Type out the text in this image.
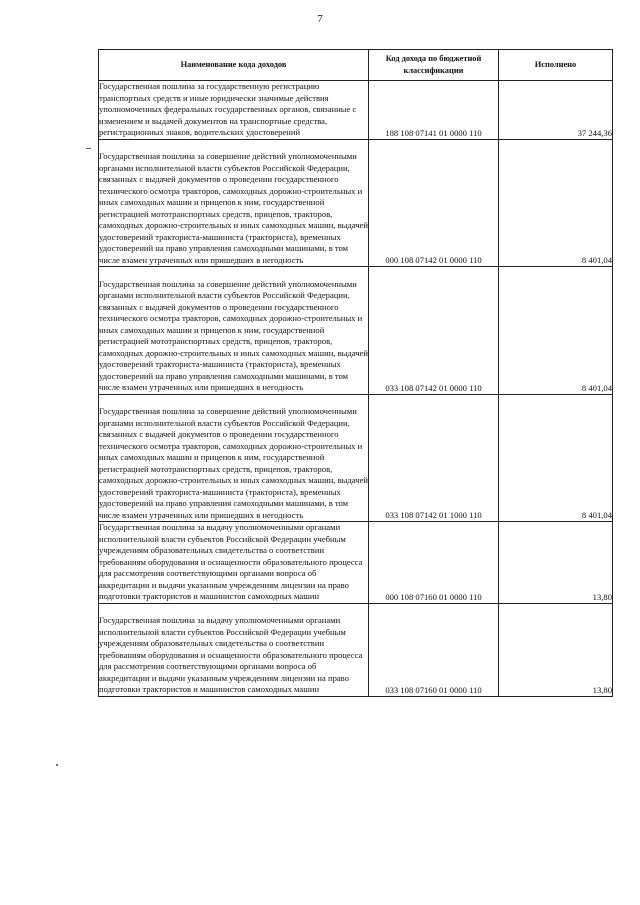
7
Наименование кода доходов	Код дохода по бюджетной классификации	Исполнено
Государственная пошлина за государственную регистрацию транспортных средств и иные юридически значимые действия уполномоченных федеральных государственных органов, связанные с изменением и выдачей документов на транспортные средства, регистрационных знаков, водительских удостоверений	188 108 07141 01 0000 110	37 244,36

Государственная пошлина за совершение действий уполномоченными органами исполнительной власти субъектов Российской Федерации, связанных с выдачей документов о проведении государственного технического осмотра тракторов, самоходных дорожно-строительных и иных самоходных машин и прицепов к ним, государственной регистрацией мототранспортных средств, прицепов, тракторов, самоходных дорожно-строительных и иных самоходных машин, выдачей удостоверений тракториста-машиниста (тракториста), временных удостоверений на право управления самоходными машинами, в том числе взамен утраченных или пришедших в негодность	000 108 07142 01 0000 110	8 401,04

Государственная пошлина за совершение действий уполномоченными органами исполнительной власти субъектов Российской Федерации, связанных с выдачей документов о проведении государственного технического осмотра тракторов, самоходных дорожно-строительных и иных самоходных машин и прицепов к ним, государственной регистрацией мототранспортных средств, прицепов, тракторов, самоходных дорожно-строительных и иных самоходных машин, выдачей удостоверений тракториста-машиниста (тракториста), временных удостоверений на право управления самоходными машинами, в том числе взамен утраченных или пришедших в негодность	033 108 07142 01 0000 110	8 401,04

Государственная пошлина за совершение действий уполномоченными органами исполнительной власти субъектов Российской Федерации, связанных с выдачей документов о проведении государственного технического осмотра тракторов, самоходных дорожно-строительных и иных самоходных машин и прицепов к ним, государственной регистрацией мототранспортных средств, прицепов, тракторов, самоходных дорожно-строительных и иных самоходных машин, выдачей удостоверений тракториста-машиниста (тракториста), временных удостоверений на право управления самоходными машинами, в том числе взамен утраченных или пришедших в негодность	033 108 07142 01 1000 110	8 401,04
Государственная пошлина за выдачу уполномоченными органами исполнительной власти субъектов Российской Федерации учебным учреждениям образовательных свидетельства о соответствии требованиям оборудования и оснащенности образовательного процесса для рассмотрения соответствующими органами вопроса об аккредитации и выдачи указанным учреждениям лицензии на право подготовки трактористов и машинистов самоходных машин	000 108 07160 01 0000 110	13,80

Государственная пошлина за выдачу уполномоченными органами исполнительной власти субъектов Российской Федерации учебным учреждениям образовательных свидетельства о соответствии требованиям оборудования и оснащенности образовательного процесса для рассмотрения соответствующими органами вопроса об аккредитации и выдачи указанным учреждениям лицензии на право подготовки трактористов и машинистов самоходных машин	033 108 07160 01 0000 110	13,80
